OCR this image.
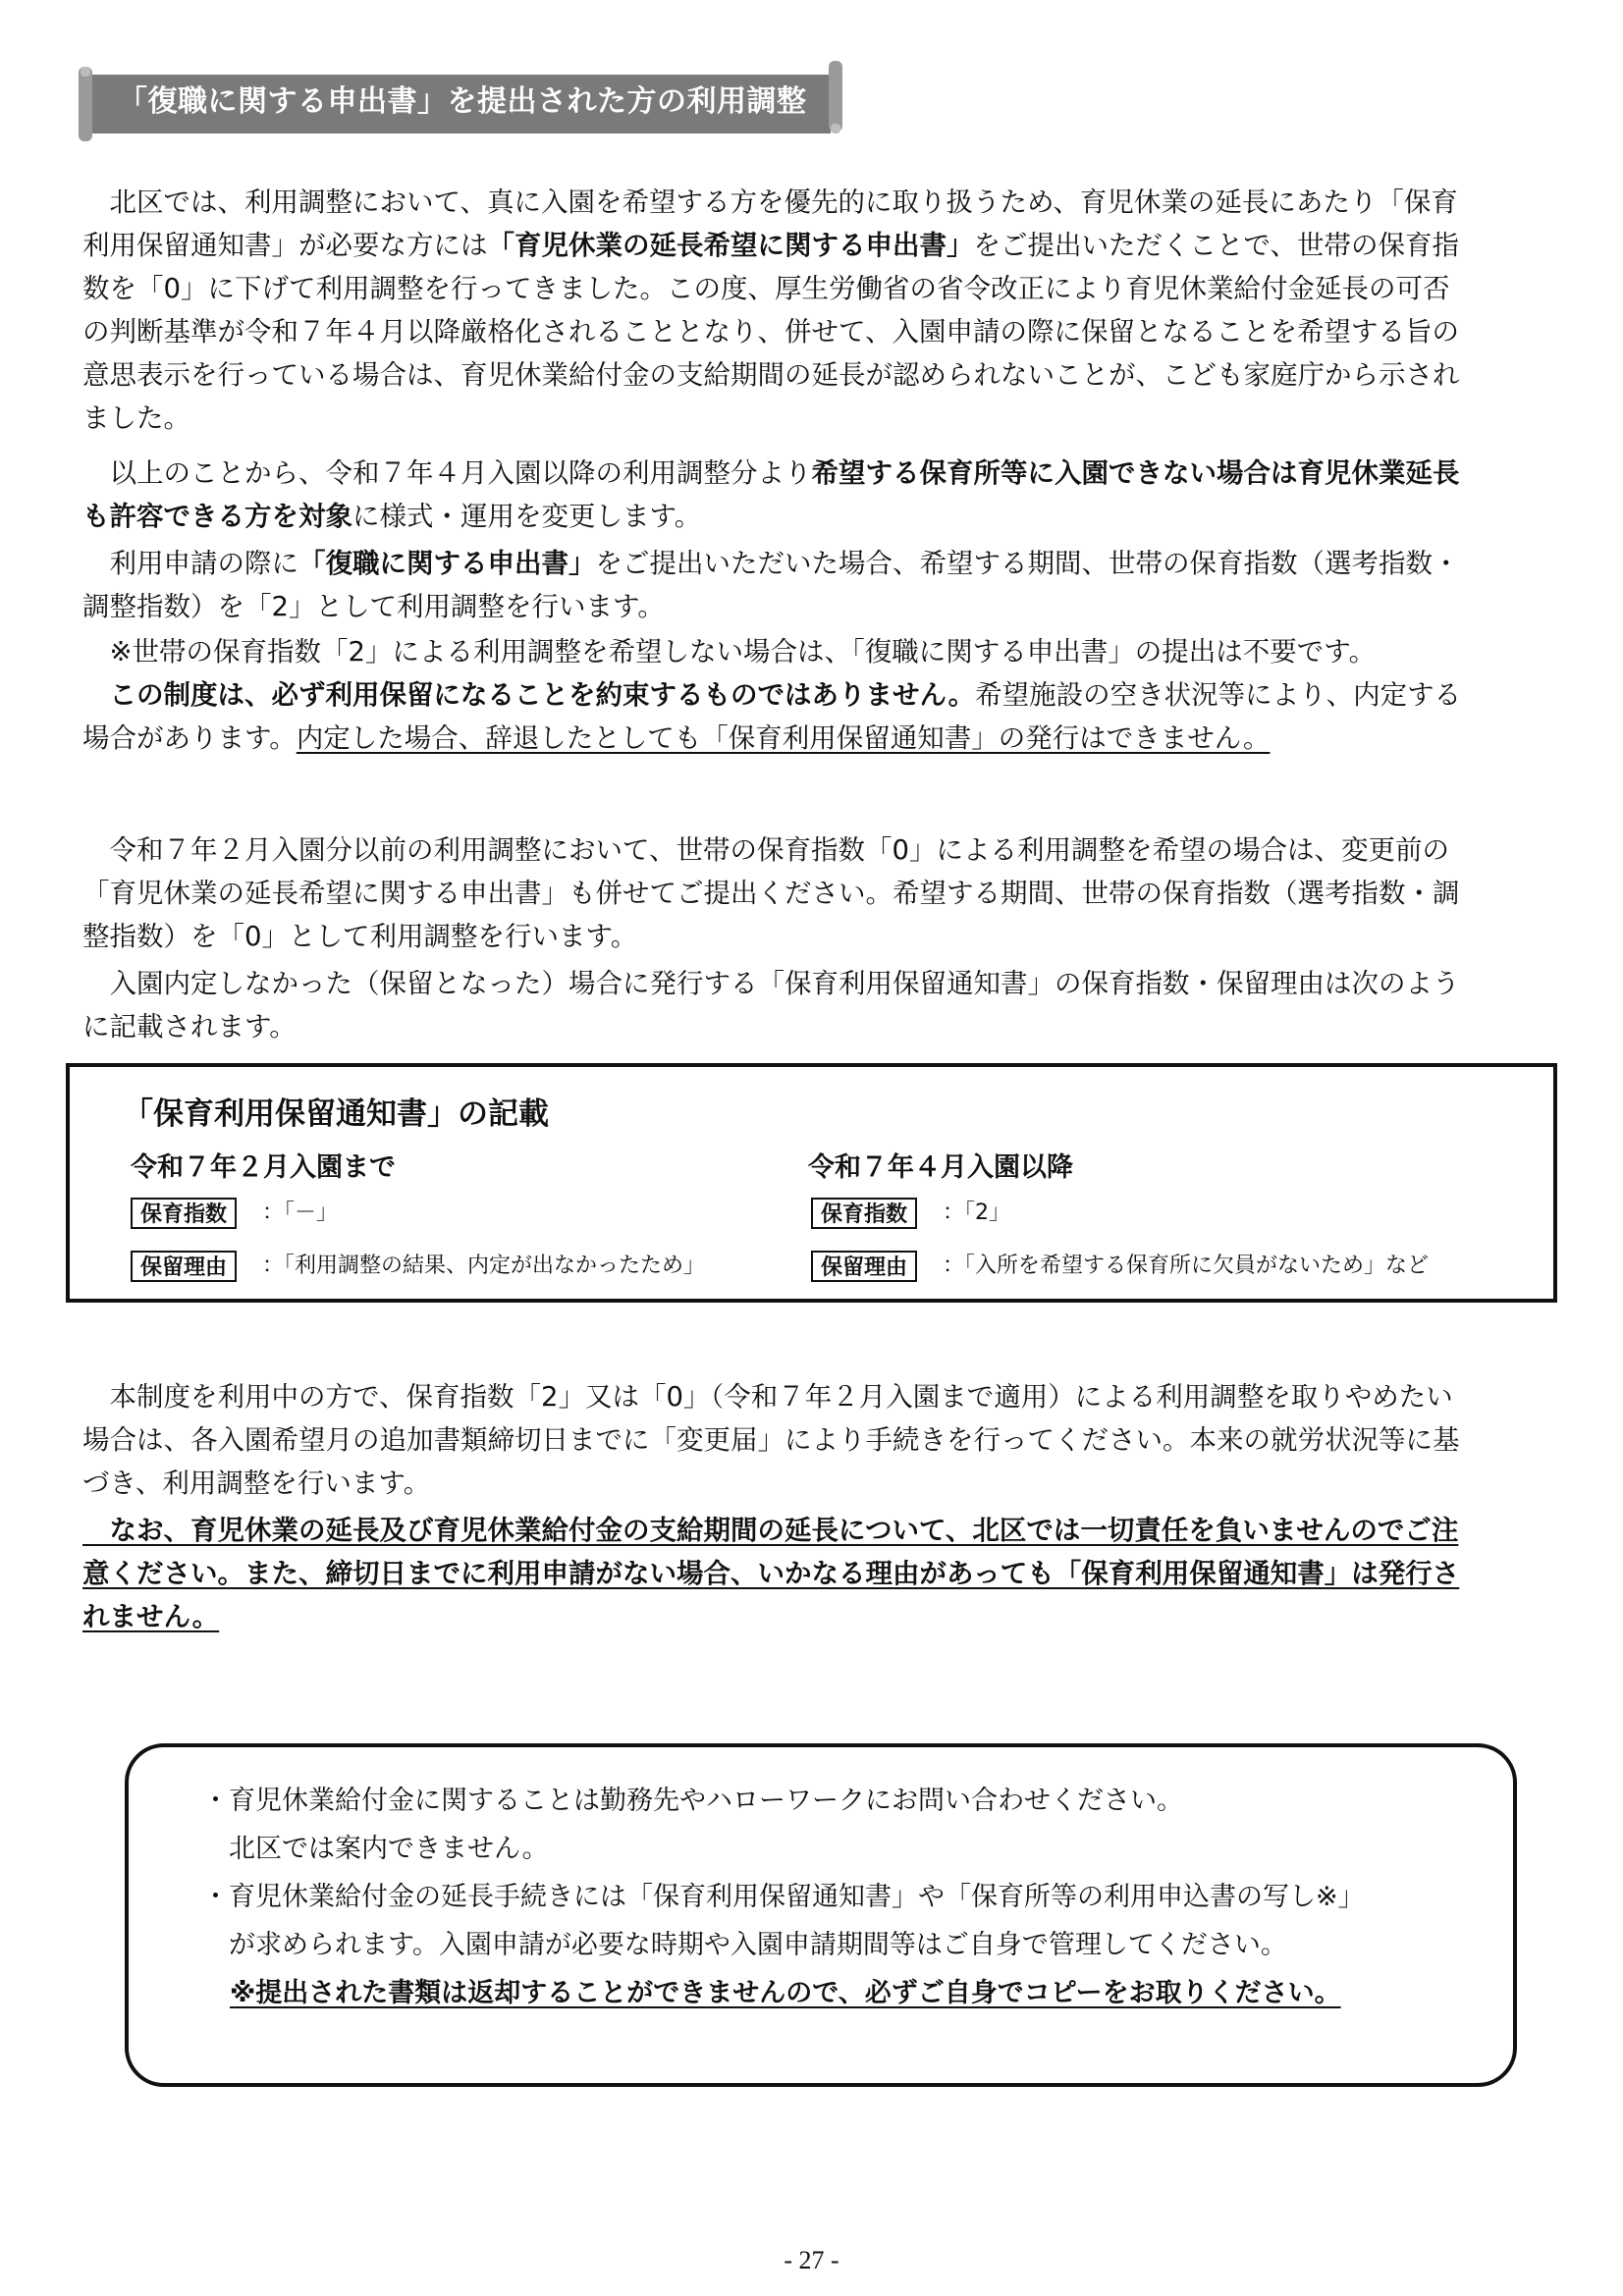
「復職に関する申出書」を提出された方の利用調整
　北区では、利用調整において、真に入園を希望する方を優先的に取り扱うため、育児休業の延長にあたり「保育
利用保留通知書」が必要な方には「育児休業の延長希望に関する申出書」をご提出いただくことで、世帯の保育指
数を「0」に下げて利用調整を行ってきました。この度、厚生労働省の省令改正により育児休業給付金延長の可否
の判断基準が令和７年４月以降厳格化されることとなり、併せて、入園申請の際に保留となることを希望する旨の
意思表示を行っている場合は、育児休業給付金の支給期間の延長が認められないことが、こども家庭庁から示され
ました。
　以上のことから、令和７年４月入園以降の利用調整分より希望する保育所等に入園できない場合は育児休業延長
も許容できる方を対象に様式・運用を変更します。
　利用申請の際に「復職に関する申出書」をご提出いただいた場合、希望する期間、世帯の保育指数（選考指数・
調整指数）を「2」として利用調整を行います。
　※世帯の保育指数「2」による利用調整を希望しない場合は、「復職に関する申出書」の提出は不要です。
　この制度は、必ず利用保留になることを約束するものではありません。希望施設の空き状況等により、内定する
場合があります。内定した場合、辞退したとしても「保育利用保留通知書」の発行はできません。
　令和７年２月入園分以前の利用調整において、世帯の保育指数「0」による利用調整を希望の場合は、変更前の
「育児休業の延長希望に関する申出書」も併せてご提出ください。希望する期間、世帯の保育指数（選考指数・調
整指数）を「0」として利用調整を行います。
　入園内定しなかった（保留となった）場合に発行する「保育利用保留通知書」の保育指数・保留理由は次のよう
に記載されます。
「保育利用保留通知書」の記載
令和７年２月入園まで
保育指数	：「－」
保留理由	：「利用調整の結果、内定が出なかったため」
令和７年４月入園以降
保育指数	：「2」
保留理由	：「入所を希望する保育所に欠員がないため」など
　本制度を利用中の方で、保育指数「2」又は「0」（令和７年２月入園まで適用）による利用調整を取りやめたい
場合は、各入園希望月の追加書類締切日までに「変更届」により手続きを行ってください。本来の就労状況等に基
づき、利用調整を行います。
　なお、育児休業の延長及び育児休業給付金の支給期間の延長について、北区では一切責任を負いませんのでご注
意ください。また、締切日までに利用申請がない場合、いかなる理由があっても「保育利用保留通知書」は発行さ
れません。
・育児休業給付金に関することは勤務先やハローワークにお問い合わせください。
　北区では案内できません。
・育児休業給付金の延長手続きには「保育利用保留通知書」や「保育所等の利用申込書の写し※」
　が求められます。入園申請が必要な時期や入園申請期間等はご自身で管理してください。
※提出された書類は返却することができませんので、必ずご自身でコピーをお取りください。
- 27 -
